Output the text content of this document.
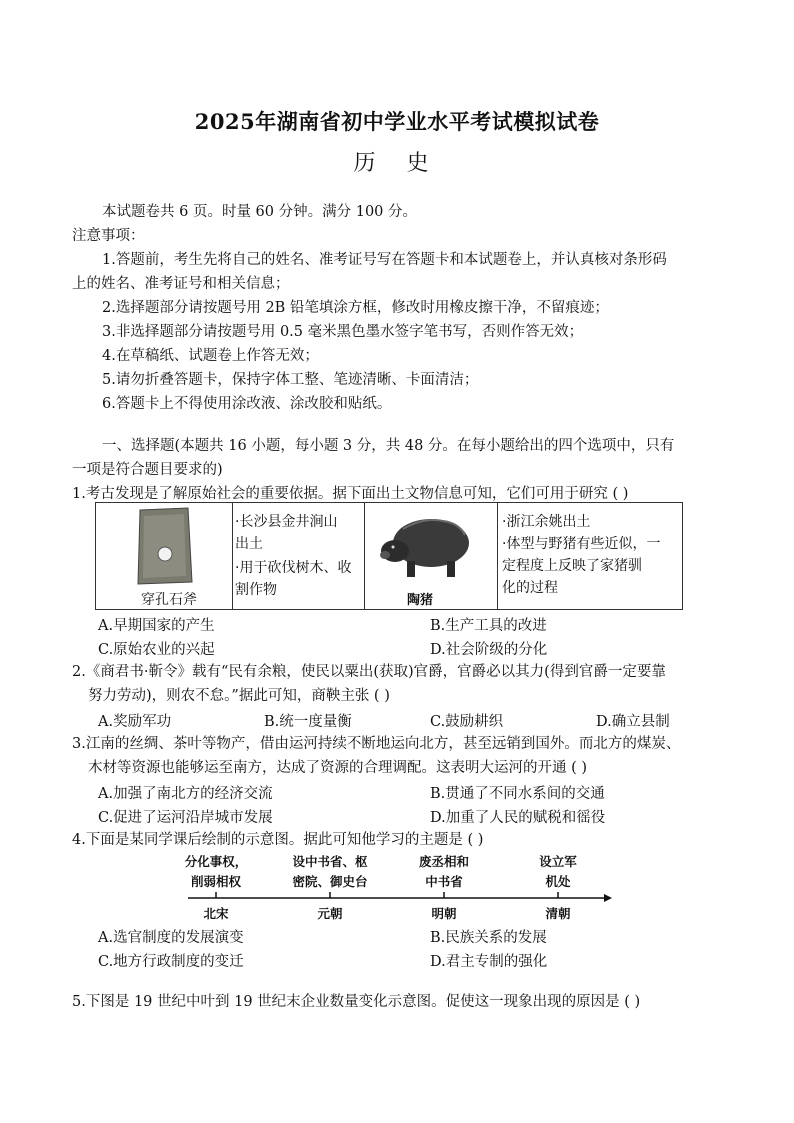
2025年湖南省初中学业水平考试模拟试卷
历 史
本试题卷共 6 页。时量 60 分钟。满分 100 分。
注意事项：
1.答题前，考生先将自己的姓名、准考证号写在答题卡和本试题卷上，并认真核对条形码
上的姓名、准考证号和相关信息；
2.选择题部分请按题号用 2B 铅笔填涂方框，修改时用橡皮擦干净，不留痕迹；
3.非选择题部分请按题号用 0.5 毫米黑色墨水签字笔书写，否则作答无效；
4.在草稿纸、试题卷上作答无效；
5.请勿折叠答题卡，保持字体工整、笔迹清晰、卡面清洁；
6.答题卡上不得使用涂改液、涂改胶和贴纸。
一、选择题(本题共 16 小题，每小题 3 分，共 48 分。在每小题给出的四个选项中，只有
一项是符合题目要求的)
1.考古发现是了解原始社会的重要依据。据下面出土文物信息可知，它们可用于研究 ( )
穿孔石斧
·长沙县金井涧山
出土
·用于砍伐树木、收
割作物
陶猪
·浙江余姚出土
·体型与野猪有些近似，一
定程度上反映了家猪驯
化的过程
A.早期国家的产生	B.生产工具的改进
C.原始农业的兴起	D.社会阶级的分化
2.《商君书·靳令》载有“民有余粮，使民以粟出(获取)官爵，官爵必以其力(得到官爵一定要靠
努力劳动)，则农不怠。”据此可知，商鞅主张 ( )
A.奖励军功	B.统一度量衡	C.鼓励耕织	D.确立县制
3.江南的丝绸、茶叶等物产，借由运河持续不断地运向北方，甚至远销到国外。而北方的煤炭、
木材等资源也能够运至南方，达成了资源的合理调配。这表明大运河的开通 ( )
A.加强了南北方的经济交流	B.贯通了不同水系间的交通
C.促进了运河沿岸城市发展	D.加重了人民的赋税和徭役
4.下面是某同学课后绘制的示意图。据此可知他学习的主题是 ( )
分化事权，
削弱相权
北宋
设中书省、枢
密院、御史台
元朝
废丞相和
中书省
明朝
设立军
机处
清朝
A.选官制度的发展演变	B.民族关系的发展
C.地方行政制度的变迁	D.君主专制的强化
5.下图是 19 世纪中叶到 19 世纪末企业数量变化示意图。促使这一现象出现的原因是 ( )
